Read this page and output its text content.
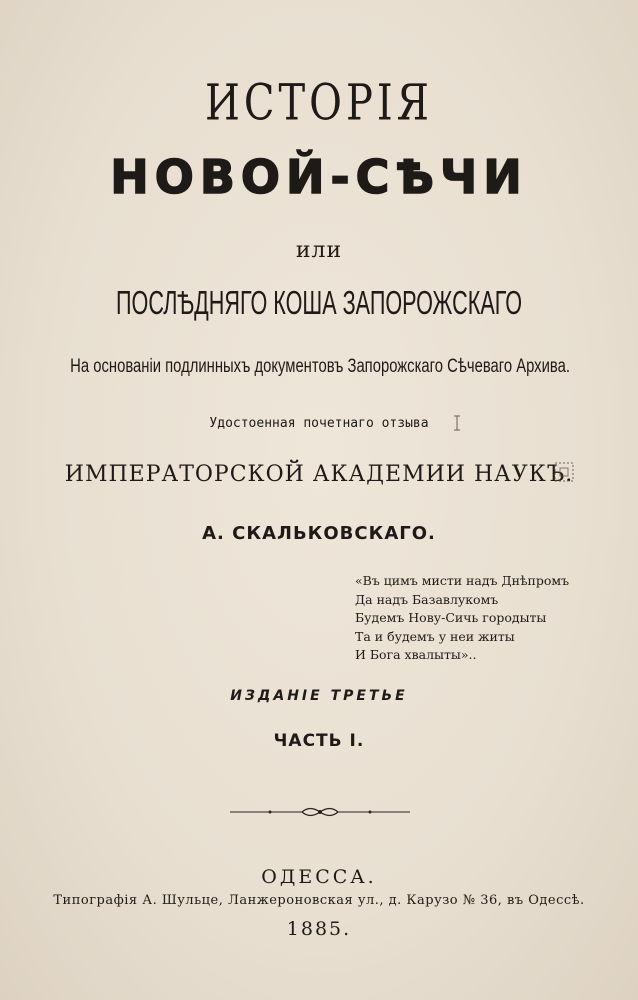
ИСТОРІЯ
НОВОЙ-СѢЧИ
или
ПОСЛѢДНЯГО КОША ЗАПОРОЖСКАГО
На основаніи подлинныхъ документовъ Запорожскаго Сѣчеваго Архива.
Удостоенная почетнаго отзыва
ИМПЕРАТОРСКОЙ АКАДЕМИИ НАУКЪ.
А. СКАЛЬКОВСКАГО.
«Въ цимъ мисти надъ Днѣпромъ
Да надъ Базавлукомъ
Будемъ Нову-Сичь городыты
Та и будемъ у неи житы
И Бога хвалыты»..
ИЗДАНІЕ ТРЕТЬЕ
ЧАСТЬ І.
ОДЕССА.
Типографія А. Шульце, Ланжероновская ул., д. Карузо № 36, въ Одессѣ.
1885.
